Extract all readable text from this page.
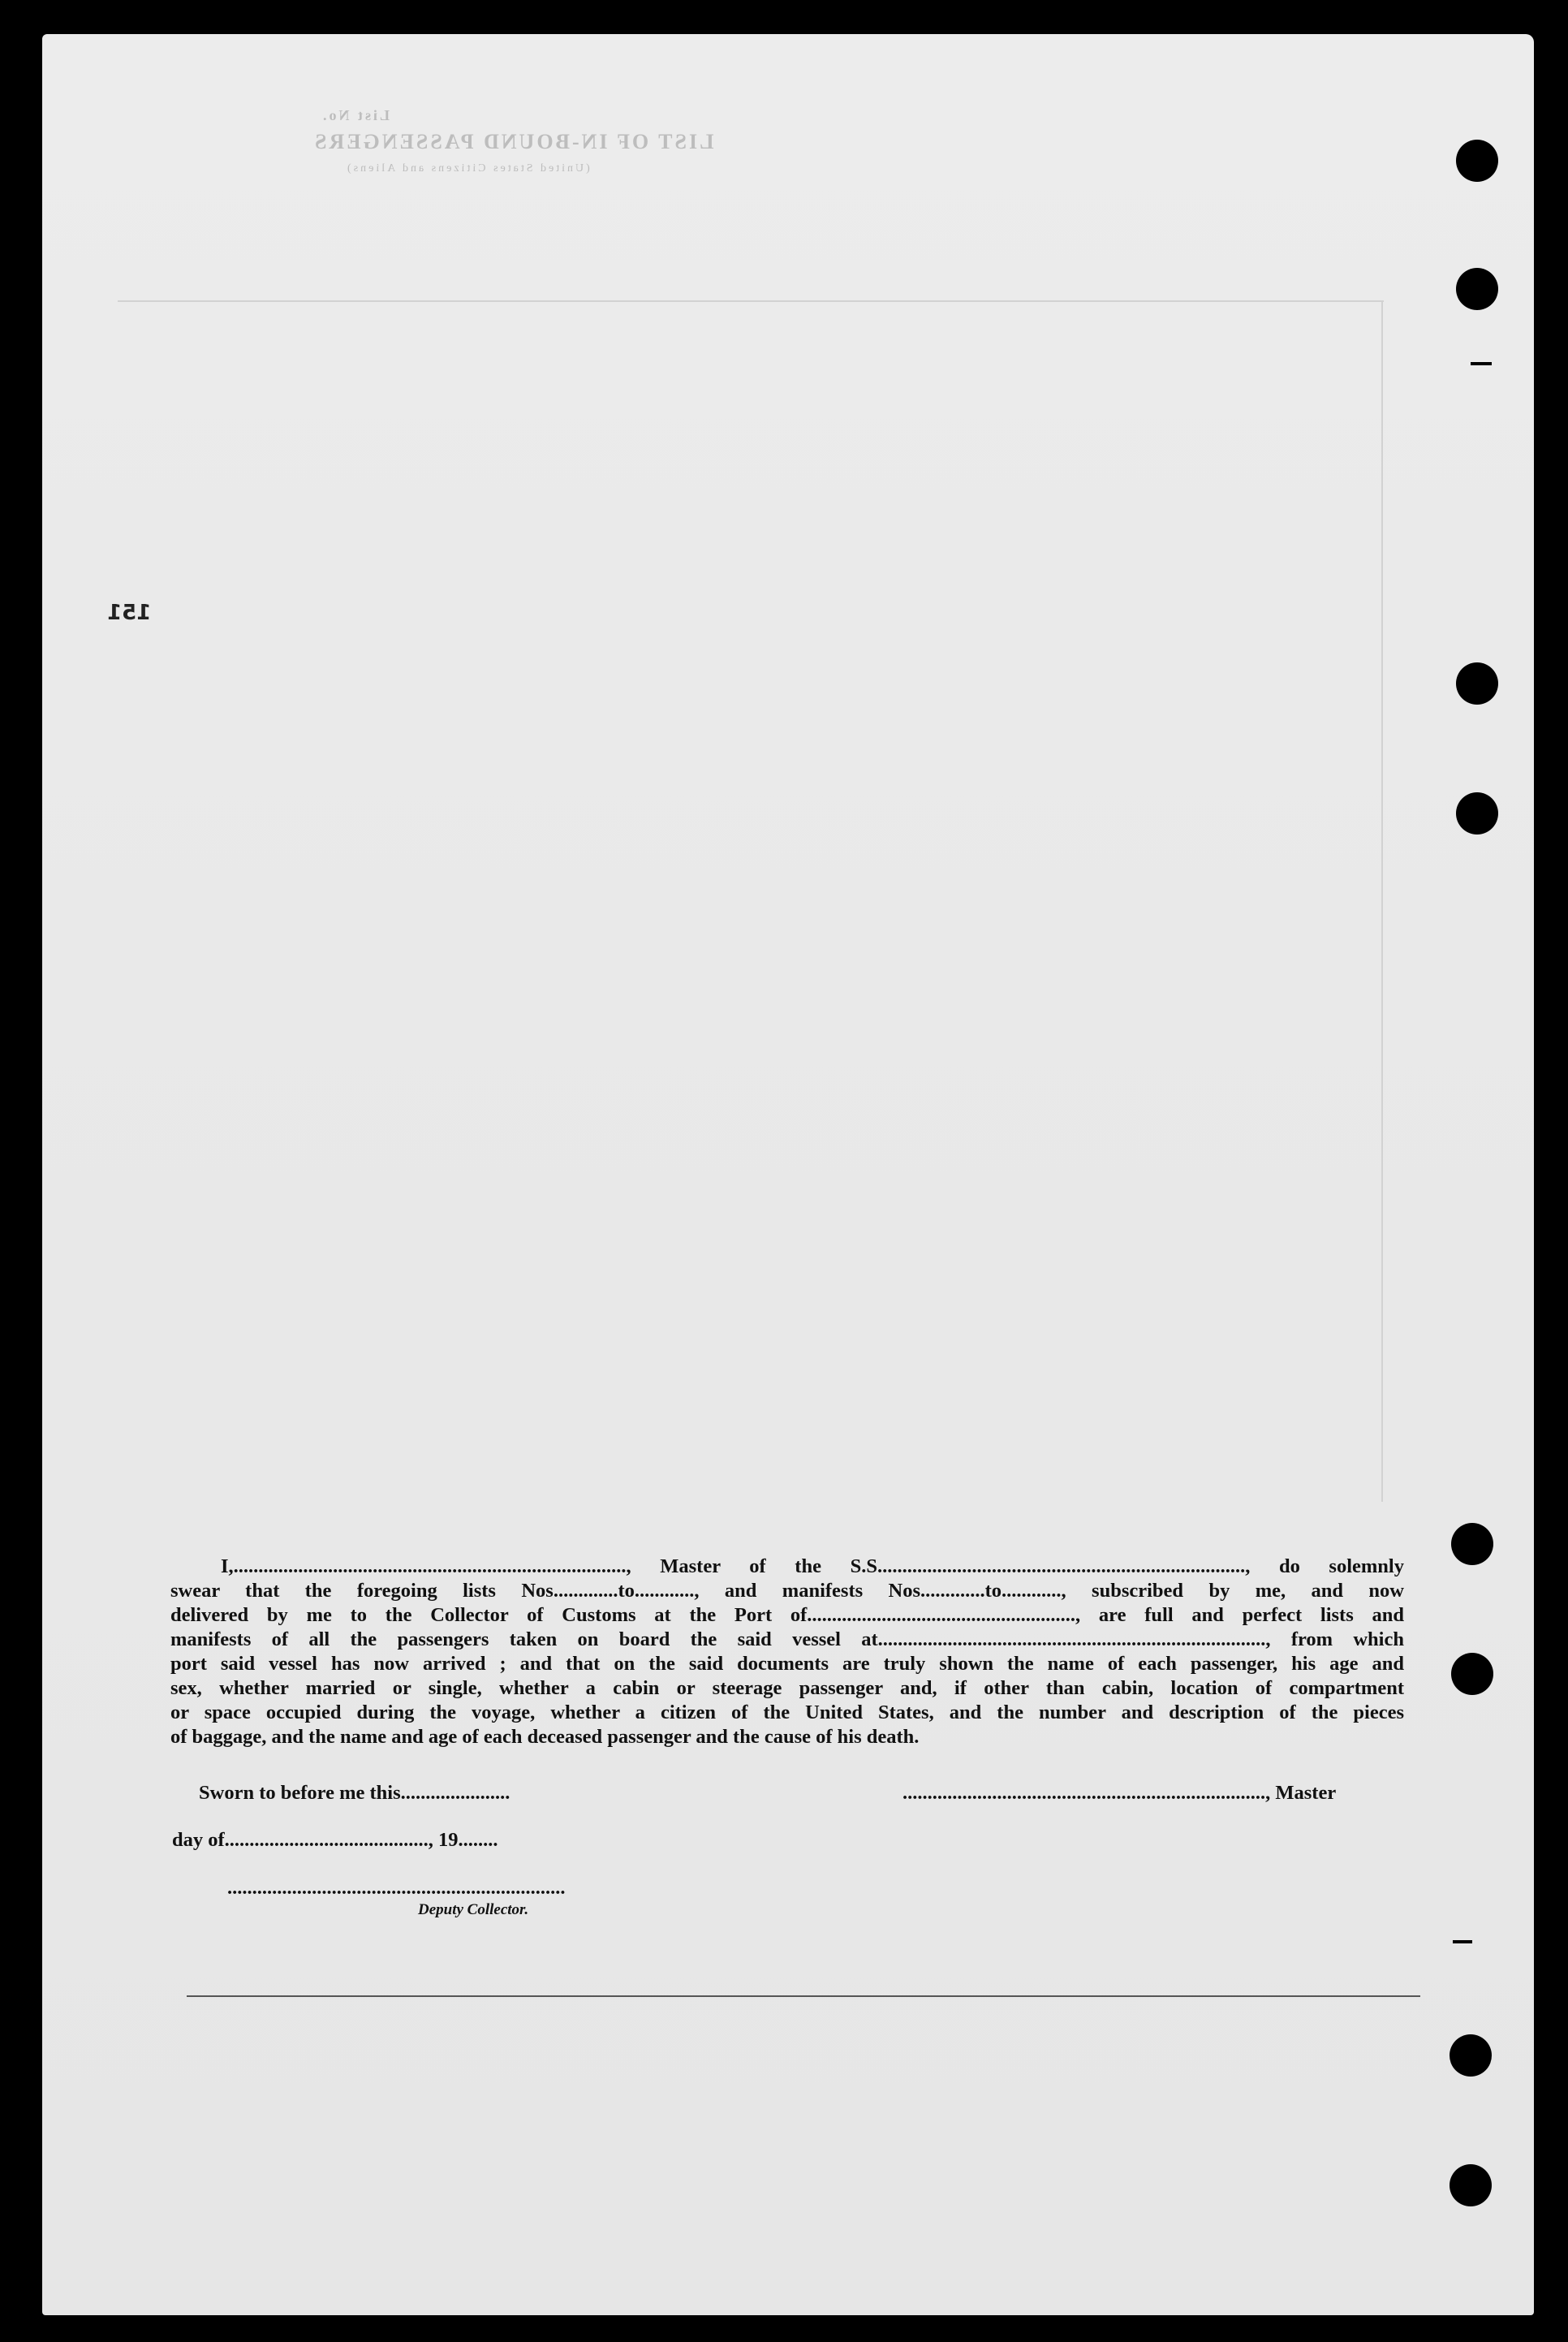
List No.
LIST OF IN-BOUND PASSENGERS
(United States Citizens and Aliens)
151
I,..............................................................................., Master of the S.S.........................................................................., do solemnly
swear that the foregoing lists Nos.............to............, and manifests Nos.............to............, subscribed by me, and now
delivered by me to the Collector of Customs at the Port of......................................................, are full and perfect lists and
manifests of all the passengers taken on board the said vessel at.............................................................................., from which
port said vessel has now arrived ; and that on the said documents are truly shown the name of each passenger, his age and
sex, whether married or single, whether a cabin or steerage passenger and, if other than cabin, location of compartment
or space occupied during the voyage, whether a citizen of the United States, and the number and description of the pieces
of baggage, and the name and age of each deceased passenger and the cause of his death.
Sworn to before me this......................	........................................................................., Master
day of........................................., 19........
....................................................................
Deputy Collector.
